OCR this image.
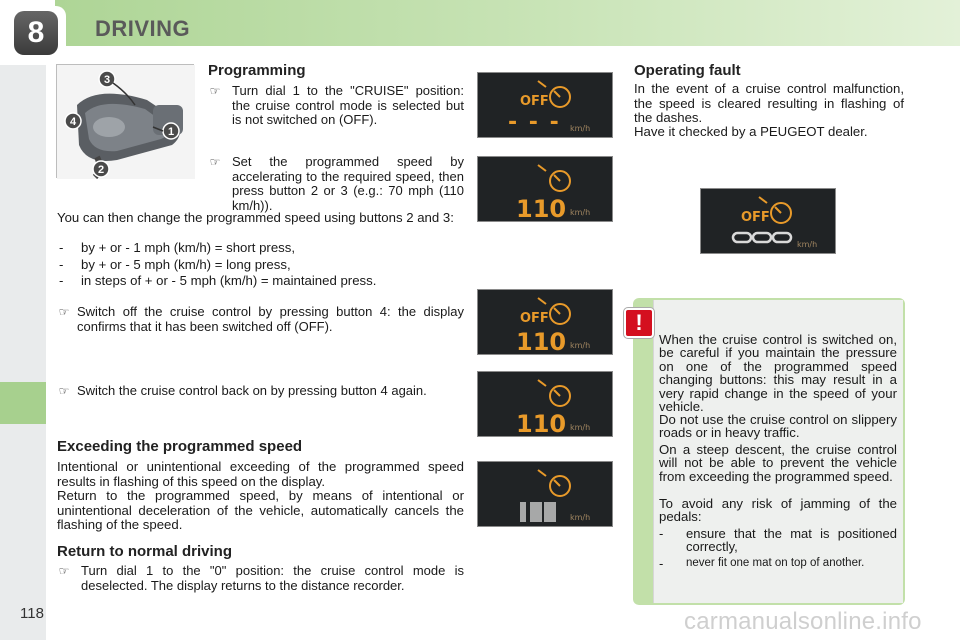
8	DRIVING
3
1
2
4
Programming
☞ Turn dial 1 to the "CRUISE" position: the cruise control mode is selected but is not switched on (OFF).
☞ Set the programmed speed by accelerating to the required speed, then press button 2 or 3 (e.g.: 70 mph (110 km/h)).
You can then change the programmed speed using buttons 2 and 3:
- by + or - 1 mph (km/h) = short press,
- by + or - 5 mph (km/h) = long press,
- in steps of + or - 5 mph (km/h) = maintained press.
☞ Switch off the cruise control by pressing button 4: the display confirms that it has been switched off (OFF).
☞ Switch the cruise control back on by pressing button 4 again.
Exceeding the programmed speed
Intentional or unintentional exceeding of the programmed speed results in flashing of this speed on the display.
Return to the programmed speed, by means of intentional or unintentional deceleration of the vehicle, automatically cancels the flashing of the speed.
Return to normal driving
☞ Turn dial 1 to the "0" position: the cruise control mode is deselected. The display returns to the distance recorder.
OFF
- - - km/h
110 km/h
OFF
110 km/h
110 km/h
km/h
OFF
km/h
Operating fault
In the event of a cruise control malfunction, the speed is cleared resulting in flashing of the dashes.
Have it checked by a PEUGEOT dealer.
!
When the cruise control is switched on, be careful if you maintain the pressure on one of the programmed speed changing buttons: this may result in a very rapid change in the speed of your vehicle.
Do not use the cruise control on slippery roads or in heavy traffic.
On a steep descent, the cruise control will not be able to prevent the vehicle from exceeding the programmed speed.
To avoid any risk of jamming of the pedals:
- ensure that the mat is positioned correctly,
- never fit one mat on top of another.
118	carmanualsonline.info
